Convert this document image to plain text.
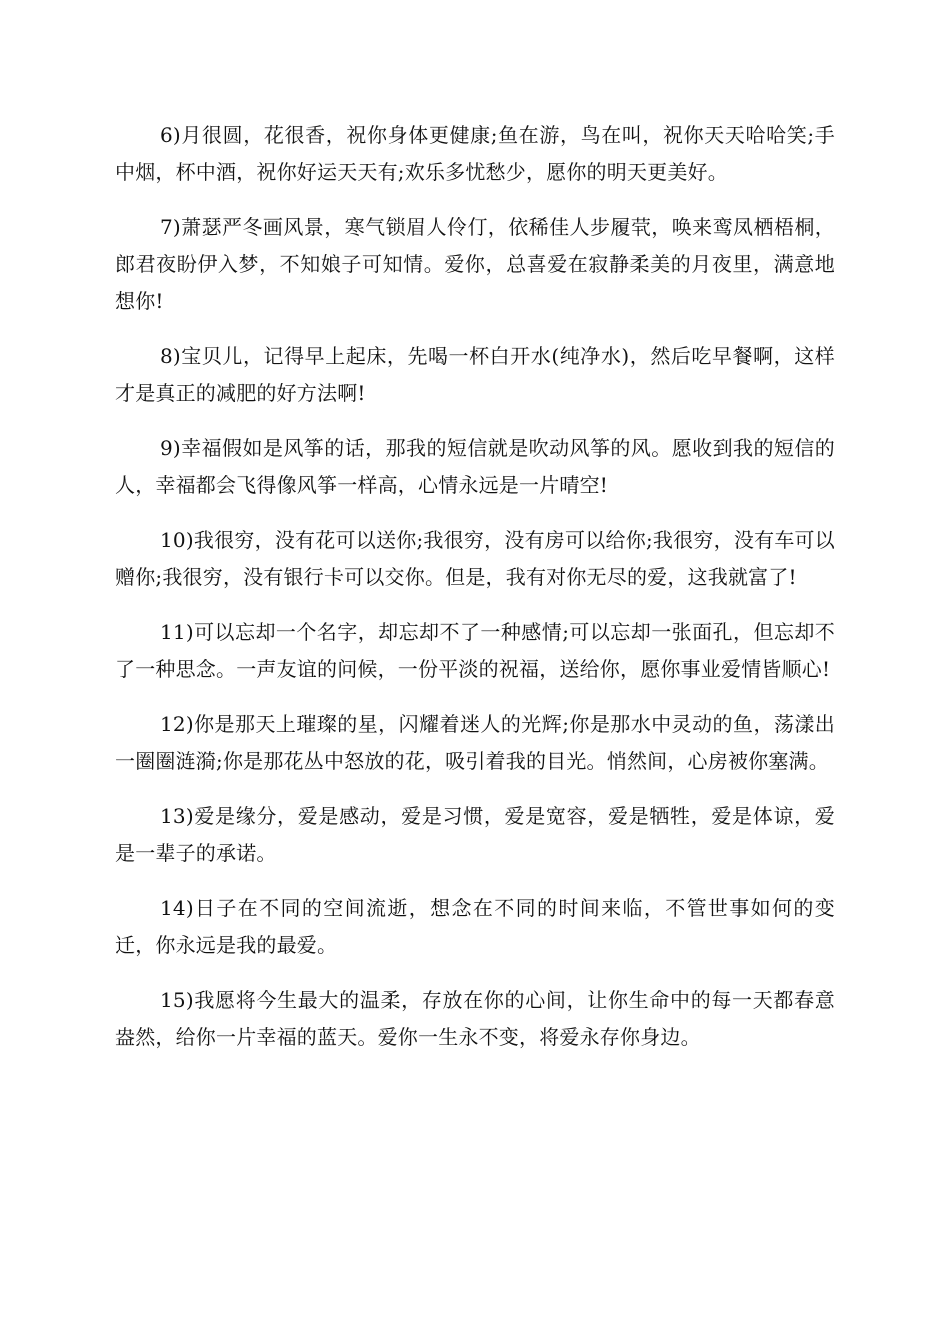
6)月很圆，花很香，祝你身体更健康;鱼在游，鸟在叫，祝你天天哈哈笑;手中烟，杯中酒，祝你好运天天有;欢乐多忧愁少，愿你的明天更美好。

7)萧瑟严冬画风景，寒气锁眉人伶仃，依稀佳人步履茕，唤来鸾凤栖梧桐，郎君夜盼伊入梦，不知娘子可知情。爱你，总喜爱在寂静柔美的月夜里，满意地想你!

8)宝贝儿，记得早上起床，先喝一杯白开水(纯净水)，然后吃早餐啊，这样才是真正的减肥的好方法啊!

9)幸福假如是风筝的话，那我的短信就是吹动风筝的风。愿收到我的短信的人，幸福都会飞得像风筝一样高，心情永远是一片晴空!

10)我很穷，没有花可以送你;我很穷，没有房可以给你;我很穷，没有车可以赠你;我很穷，没有银行卡可以交你。但是，我有对你无尽的爱，这我就富了!

11)可以忘却一个名字，却忘却不了一种感情;可以忘却一张面孔，但忘却不了一种思念。一声友谊的问候，一份平淡的祝福，送给你，愿你事业爱情皆顺心!

12)你是那天上璀璨的星，闪耀着迷人的光辉;你是那水中灵动的鱼，荡漾出一圈圈涟漪;你是那花丛中怒放的花，吸引着我的目光。悄然间，心房被你塞满。

13)爱是缘分，爱是感动，爱是习惯，爱是宽容，爱是牺牲，爱是体谅，爱是一辈子的承诺。

14)日子在不同的空间流逝，想念在不同的时间来临，不管世事如何的变迁，你永远是我的最爱。

15)我愿将今生最大的温柔，存放在你的心间，让你生命中的每一天都春意盎然，给你一片幸福的蓝天。爱你一生永不变，将爱永存你身边。
